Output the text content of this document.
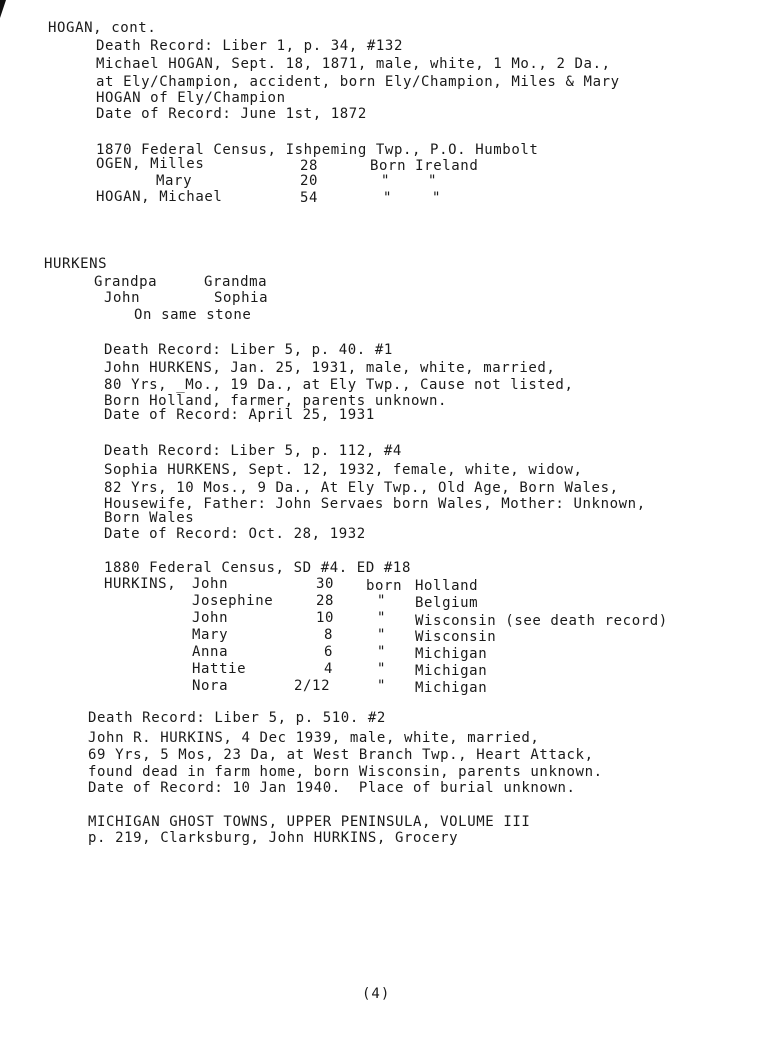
HOGAN, cont.
Death Record: Liber 1, p. 34, #132
Michael HOGAN, Sept. 18, 1871, male, white, 1 Mo., 2 Da.,
at Ely/Champion, accident, born Ely/Champion, Miles & Mary
HOGAN of Ely/Champion
Date of Record: June 1st, 1872
1870 Federal Census, Ishpeming Twp., P.O. Humbolt
OGEN, Milles	28	Born Ireland
Mary	20	"	"
HOGAN, Michael	54	"	"
HURKENS
Grandpa	Grandma
John	Sophia
On same stone
Death Record: Liber 5, p. 40. #1
John HURKENS, Jan. 25, 1931, male, white, married,
80 Yrs, _Mo., 19 Da., at Ely Twp., Cause not listed,
Born Holland, farmer, parents unknown.
Date of Record: April 25, 1931
Death Record: Liber 5, p. 112, #4
Sophia HURKENS, Sept. 12, 1932, female, white, widow,
82 Yrs, 10 Mos., 9 Da., At Ely Twp., Old Age, Born Wales,
Housewife, Father: John Servaes born Wales, Mother: Unknown,
Born Wales
Date of Record: Oct. 28, 1932
1880 Federal Census, SD #4. ED #18
HURKINS, John	30 born Holland
Josephine	28	" Belgium
John	10	" Wisconsin (see death record)
Mary	8	" Wisconsin
Anna	6	" Michigan
Hattie	4	" Michigan
Nora	2/12	" Michigan
Death Record: Liber 5, p. 510. #2
John R. HURKINS, 4 Dec 1939, male, white, married,
69 Yrs, 5 Mos, 23 Da, at West Branch Twp., Heart Attack,
found dead in farm home, born Wisconsin, parents unknown.
Date of Record: 10 Jan 1940.  Place of burial unknown.
MICHIGAN GHOST TOWNS, UPPER PENINSULA, VOLUME III
p. 219, Clarksburg, John HURKINS, Grocery
(4)
